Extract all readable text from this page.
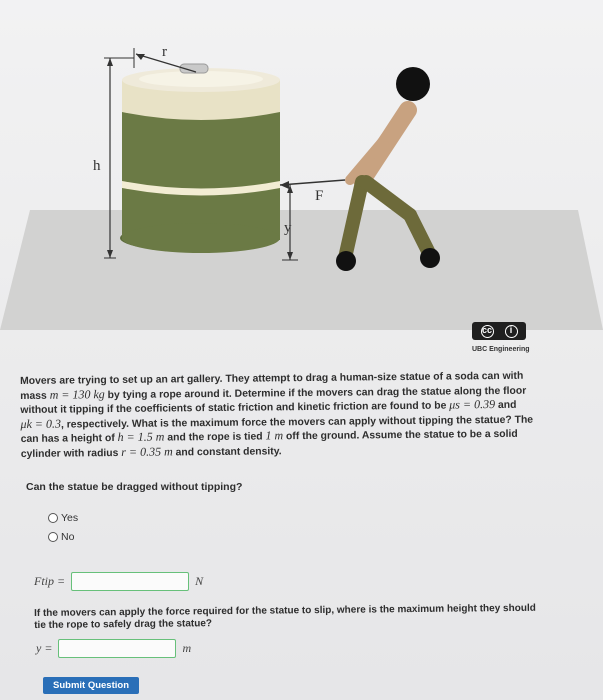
h
r
y
F
cc	i
UBC Engineering
Movers are trying to set up an art gallery. They attempt to drag a human-size statue of a soda can with
mass m = 130 kg by tying a rope around it. Determine if the movers can drag the statue along the floor
without it tipping if the coefficients of static friction and kinetic friction are found to be μs = 0.39 and
μk = 0.3, respectively. What is the maximum force the movers can apply without tipping the statue? The
can has a height of h = 1.5 m and the rope is tied 1 m off the ground. Assume the statue to be a solid
cylinder with radius r = 0.35 m and constant density.
Can the statue be dragged without tipping?
Yes
No
Ftip =	N
If the movers can apply the force required for the statue to slip, where is the maximum height they should
tie the rope to safely drag the statue?
y =	m
Submit Question
